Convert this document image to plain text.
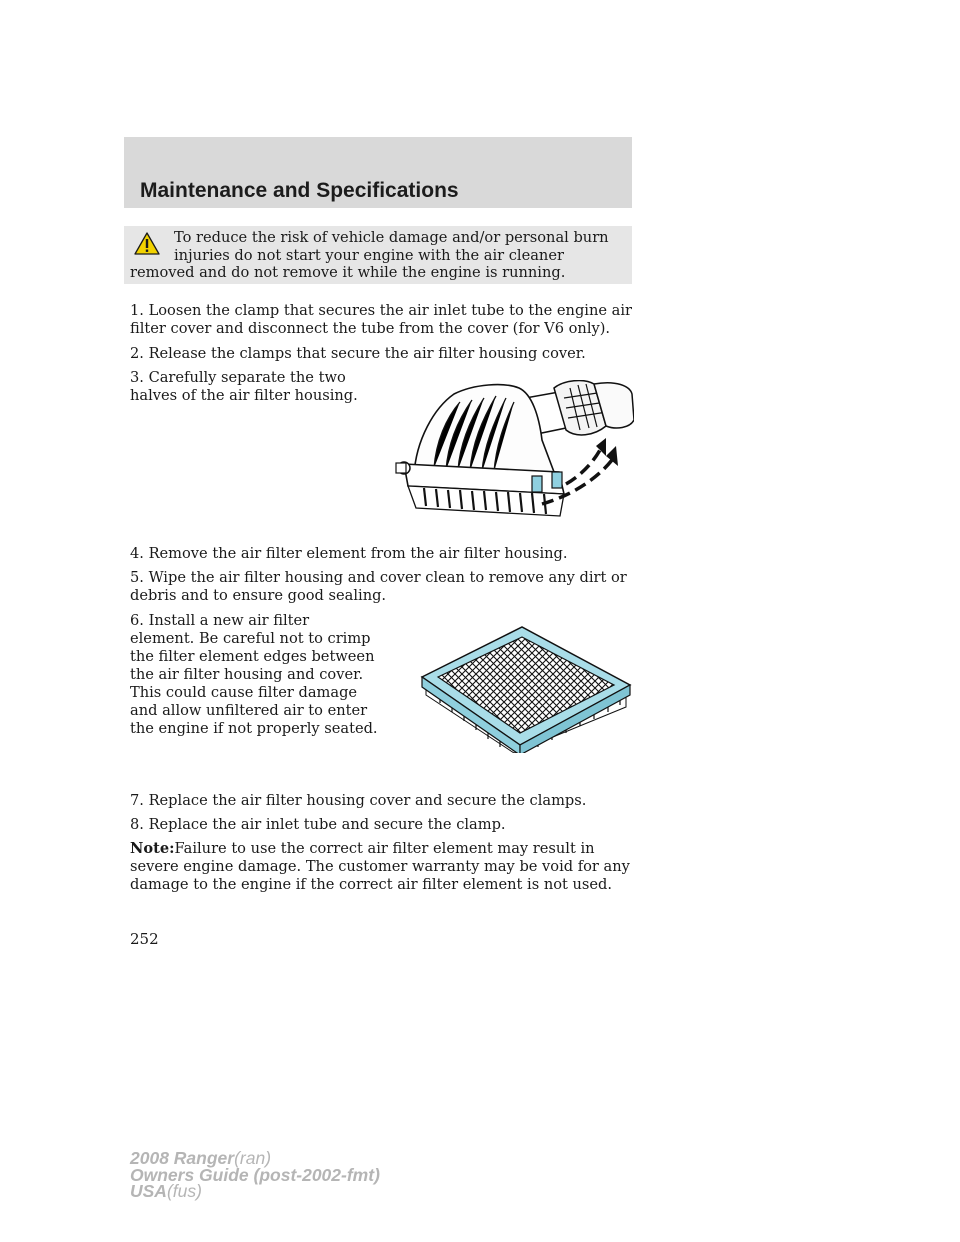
Maintenance and Specifications

To reduce the risk of vehicle damage and/or personal burn injuries do not start your engine with the air cleaner removed and do not remove it while the engine is running.

1. Loosen the clamp that secures the air inlet tube to the engine air filter cover and disconnect the tube from the cover (for V6 only).

2. Release the clamps that secure the air filter housing cover.

3. Carefully separate the two halves of the air filter housing.

4. Remove the air filter element from the air filter housing.

5. Wipe the air filter housing and cover clean to remove any dirt or debris and to ensure good sealing.

6. Install a new air filter element. Be careful not to crimp the filter element edges between the air filter housing and cover. This could cause filter damage and allow unfiltered air to enter the engine if not properly seated.

7. Replace the air filter housing cover and secure the clamps.

8. Replace the air inlet tube and secure the clamp.

Note:Failure to use the correct air filter element may result in severe engine damage. The customer warranty may be void for any damage to the engine if the correct air filter element is not used.

252

2008 Ranger(ran)
Owners Guide (post-2002-fmt)
USA(fus)
